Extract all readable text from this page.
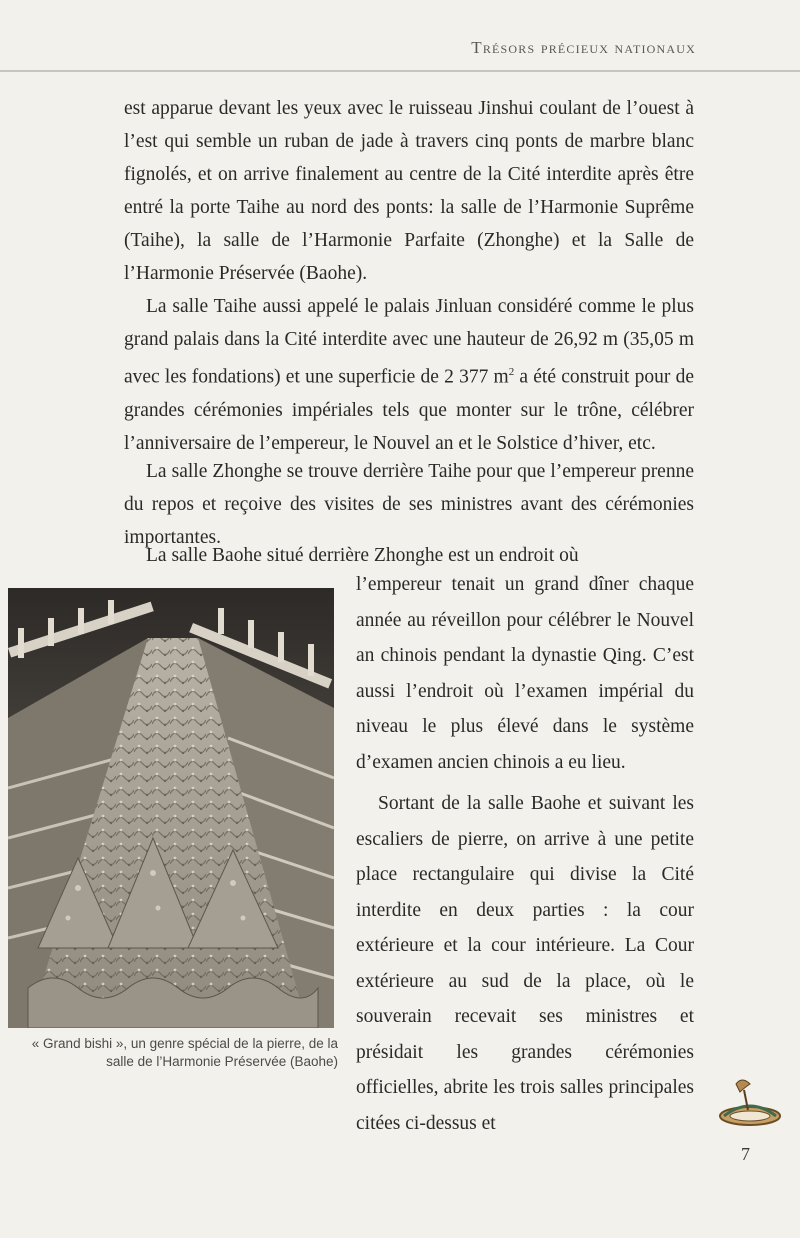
Trésors précieux nationaux

est apparue devant les yeux avec le ruisseau Jinshui coulant de l’ouest à l’est qui semble un ruban de jade à travers cinq ponts de marbre blanc fignolés, et on arrive finalement au centre de la Cité interdite après être entré la porte Taihe au nord des ponts: la salle de l’Harmonie Suprême (Taihe), la salle de l’Harmonie Parfaite (Zhonghe) et la Salle de l’Harmonie Préservée (Baohe).

La salle Taihe aussi appelé le palais Jinluan considéré comme le plus grand palais dans la Cité interdite avec une hauteur de 26,92 m (35,05 m avec les fondations) et une superficie de 2 377 $m^2$ a été construit pour de grandes cérémonies impériales tels que monter sur le trône, célébrer l’anniversaire de l’empereur, le Nouvel an et le Solstice d’hiver, etc.

La salle Zhonghe se trouve derrière Taihe pour que l’empereur prenne du repos et reçoive des visites de ses ministres avant des cérémonies importantes.

La salle Baohe situé derrière Zhonghe est un endroit où

l’empereur tenait un grand dîner chaque année au réveillon pour célébrer le Nouvel an chinois pendant la dynastie Qing. C’est aussi l’endroit où l’examen impérial du niveau le plus élevé dans le système d’examen ancien chinois a eu lieu.

Sortant de la salle Baohe et suivant les escaliers de pierre, on arrive à une petite place rectangulaire qui divise la Cité interdite en deux parties : la cour extérieure et la cour intérieure. La Cour extérieure au sud de la place, où le souverain recevait ses ministres et présidait les grandes cérémonies officielles, abrite les trois salles principales citées ci-dessus et

« Grand bishi », un genre spécial de la pierre, de la salle de l’Harmonie Préservée (Baohe)
7
